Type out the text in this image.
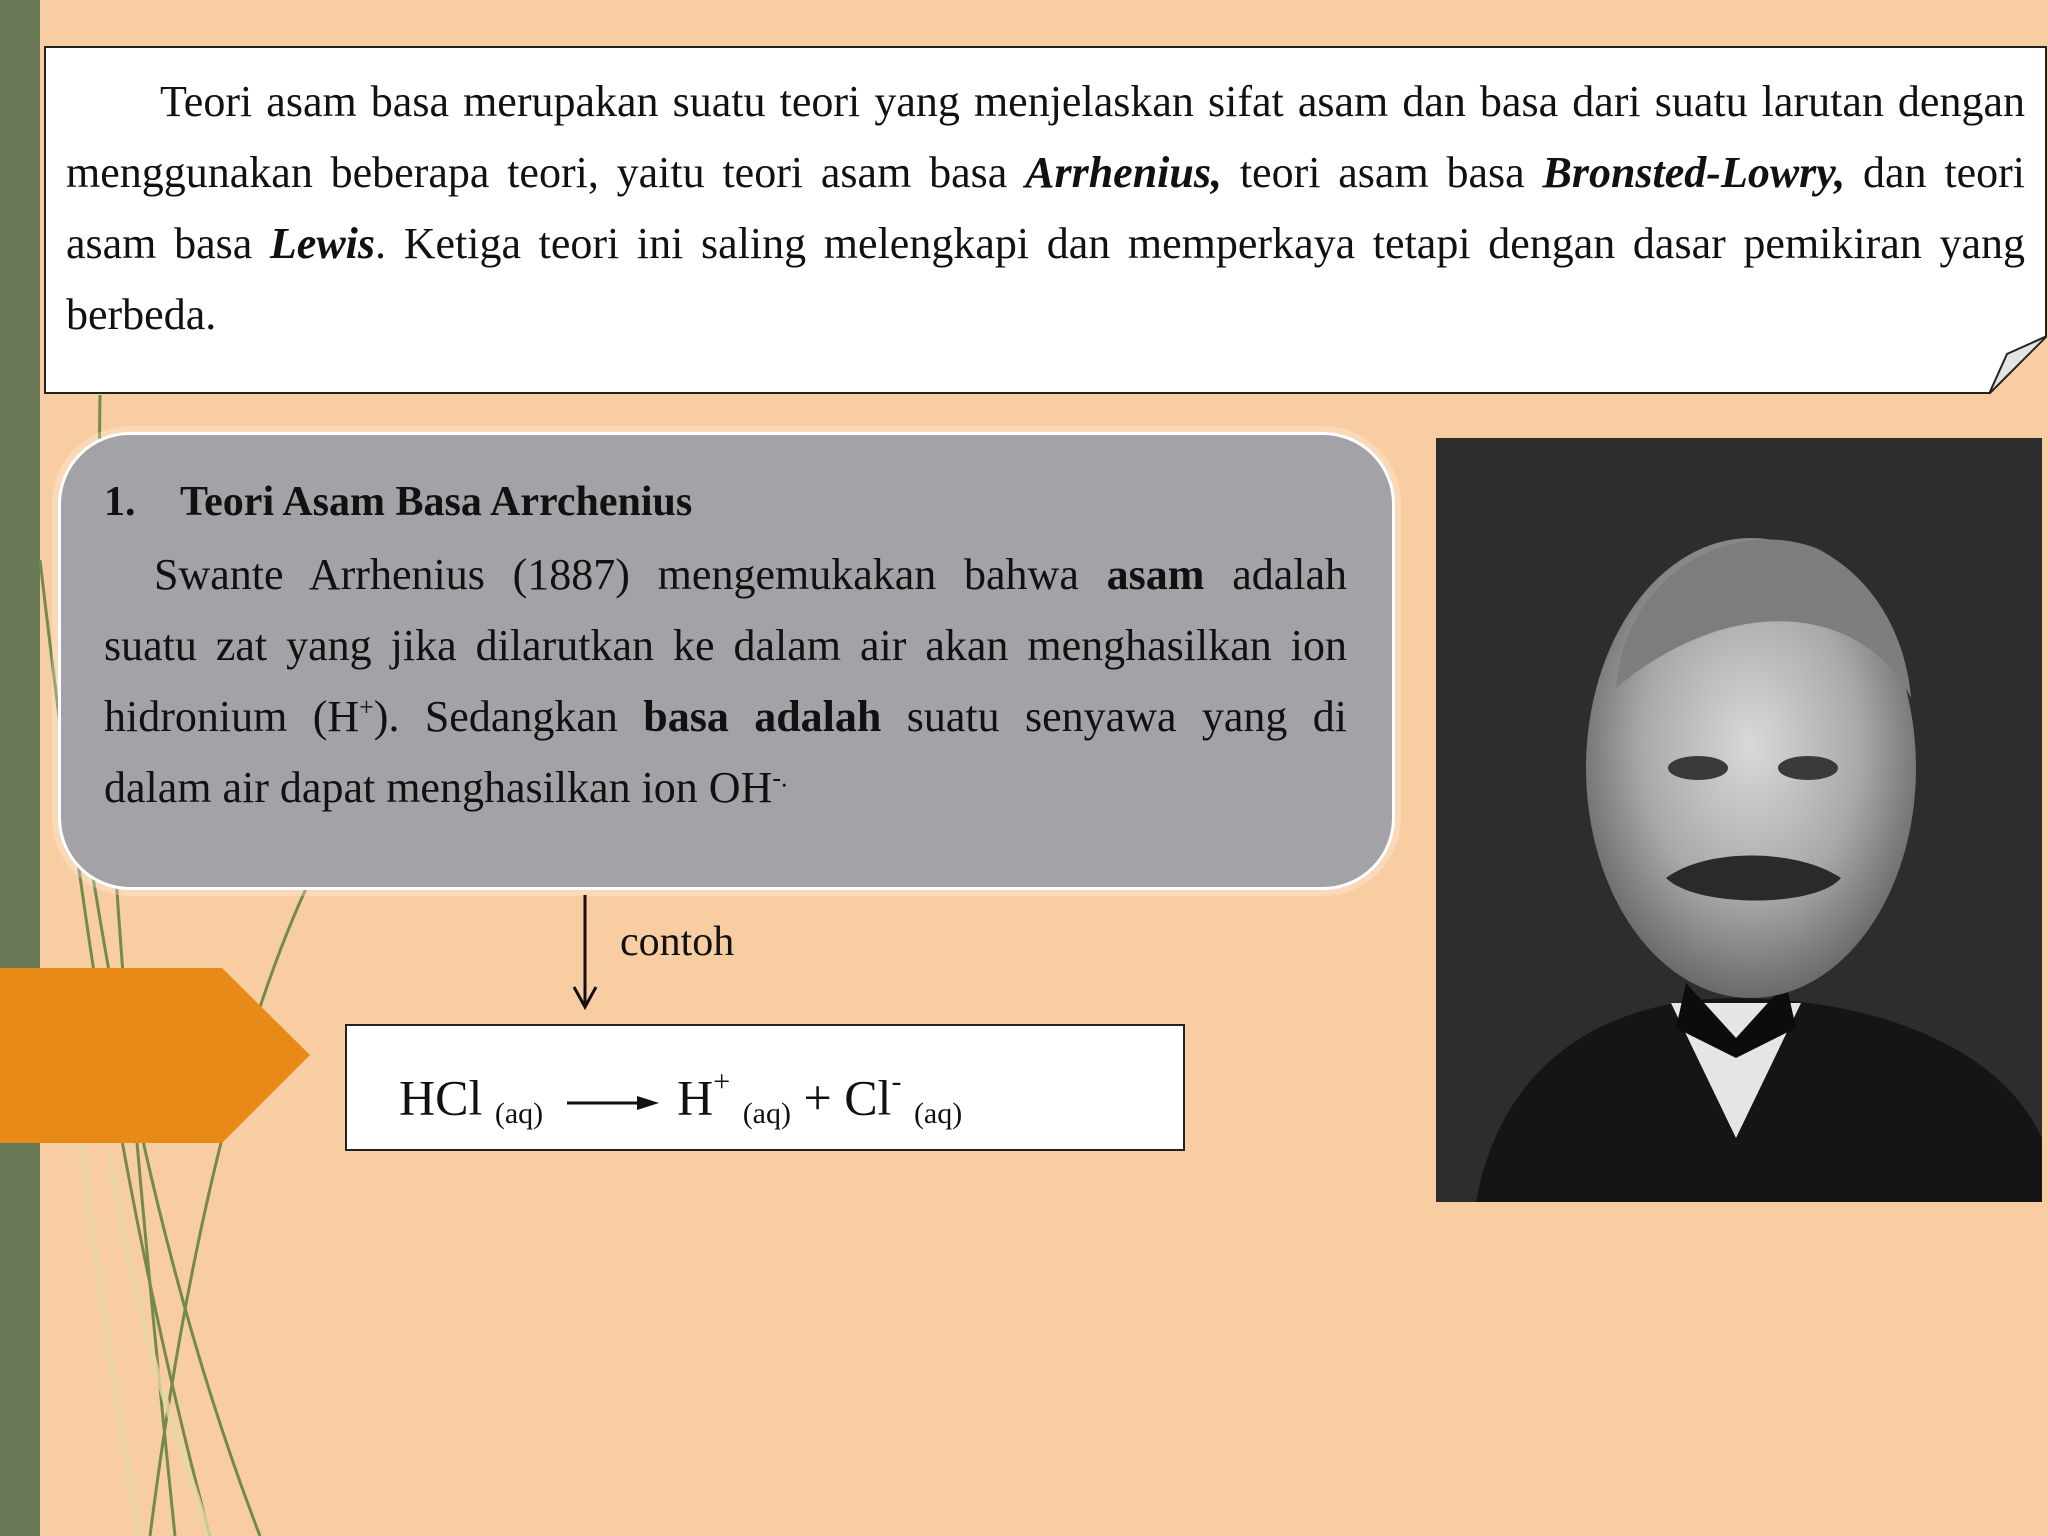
Teori asam basa merupakan suatu teori yang menjelaskan sifat asam dan basa dari suatu larutan dengan menggunakan beberapa teori, yaitu teori asam basa Arrhenius, teori asam basa Bronsted-Lowry, dan teori asam basa Lewis. Ketiga teori ini saling melengkapi dan memperkaya tetapi dengan dasar pemikiran yang berbeda.

1. Teori Asam Basa Arrchenius
Swante Arrhenius (1887) mengemukakan bahwa asam adalah suatu zat yang jika dilarutkan ke dalam air akan menghasilkan ion hidronium (H+). Sedangkan basa adalah suatu senyawa yang di dalam air dapat menghasilkan ion OH-.
contoh
HCl (aq) → H+ (aq) + Cl- (aq)
